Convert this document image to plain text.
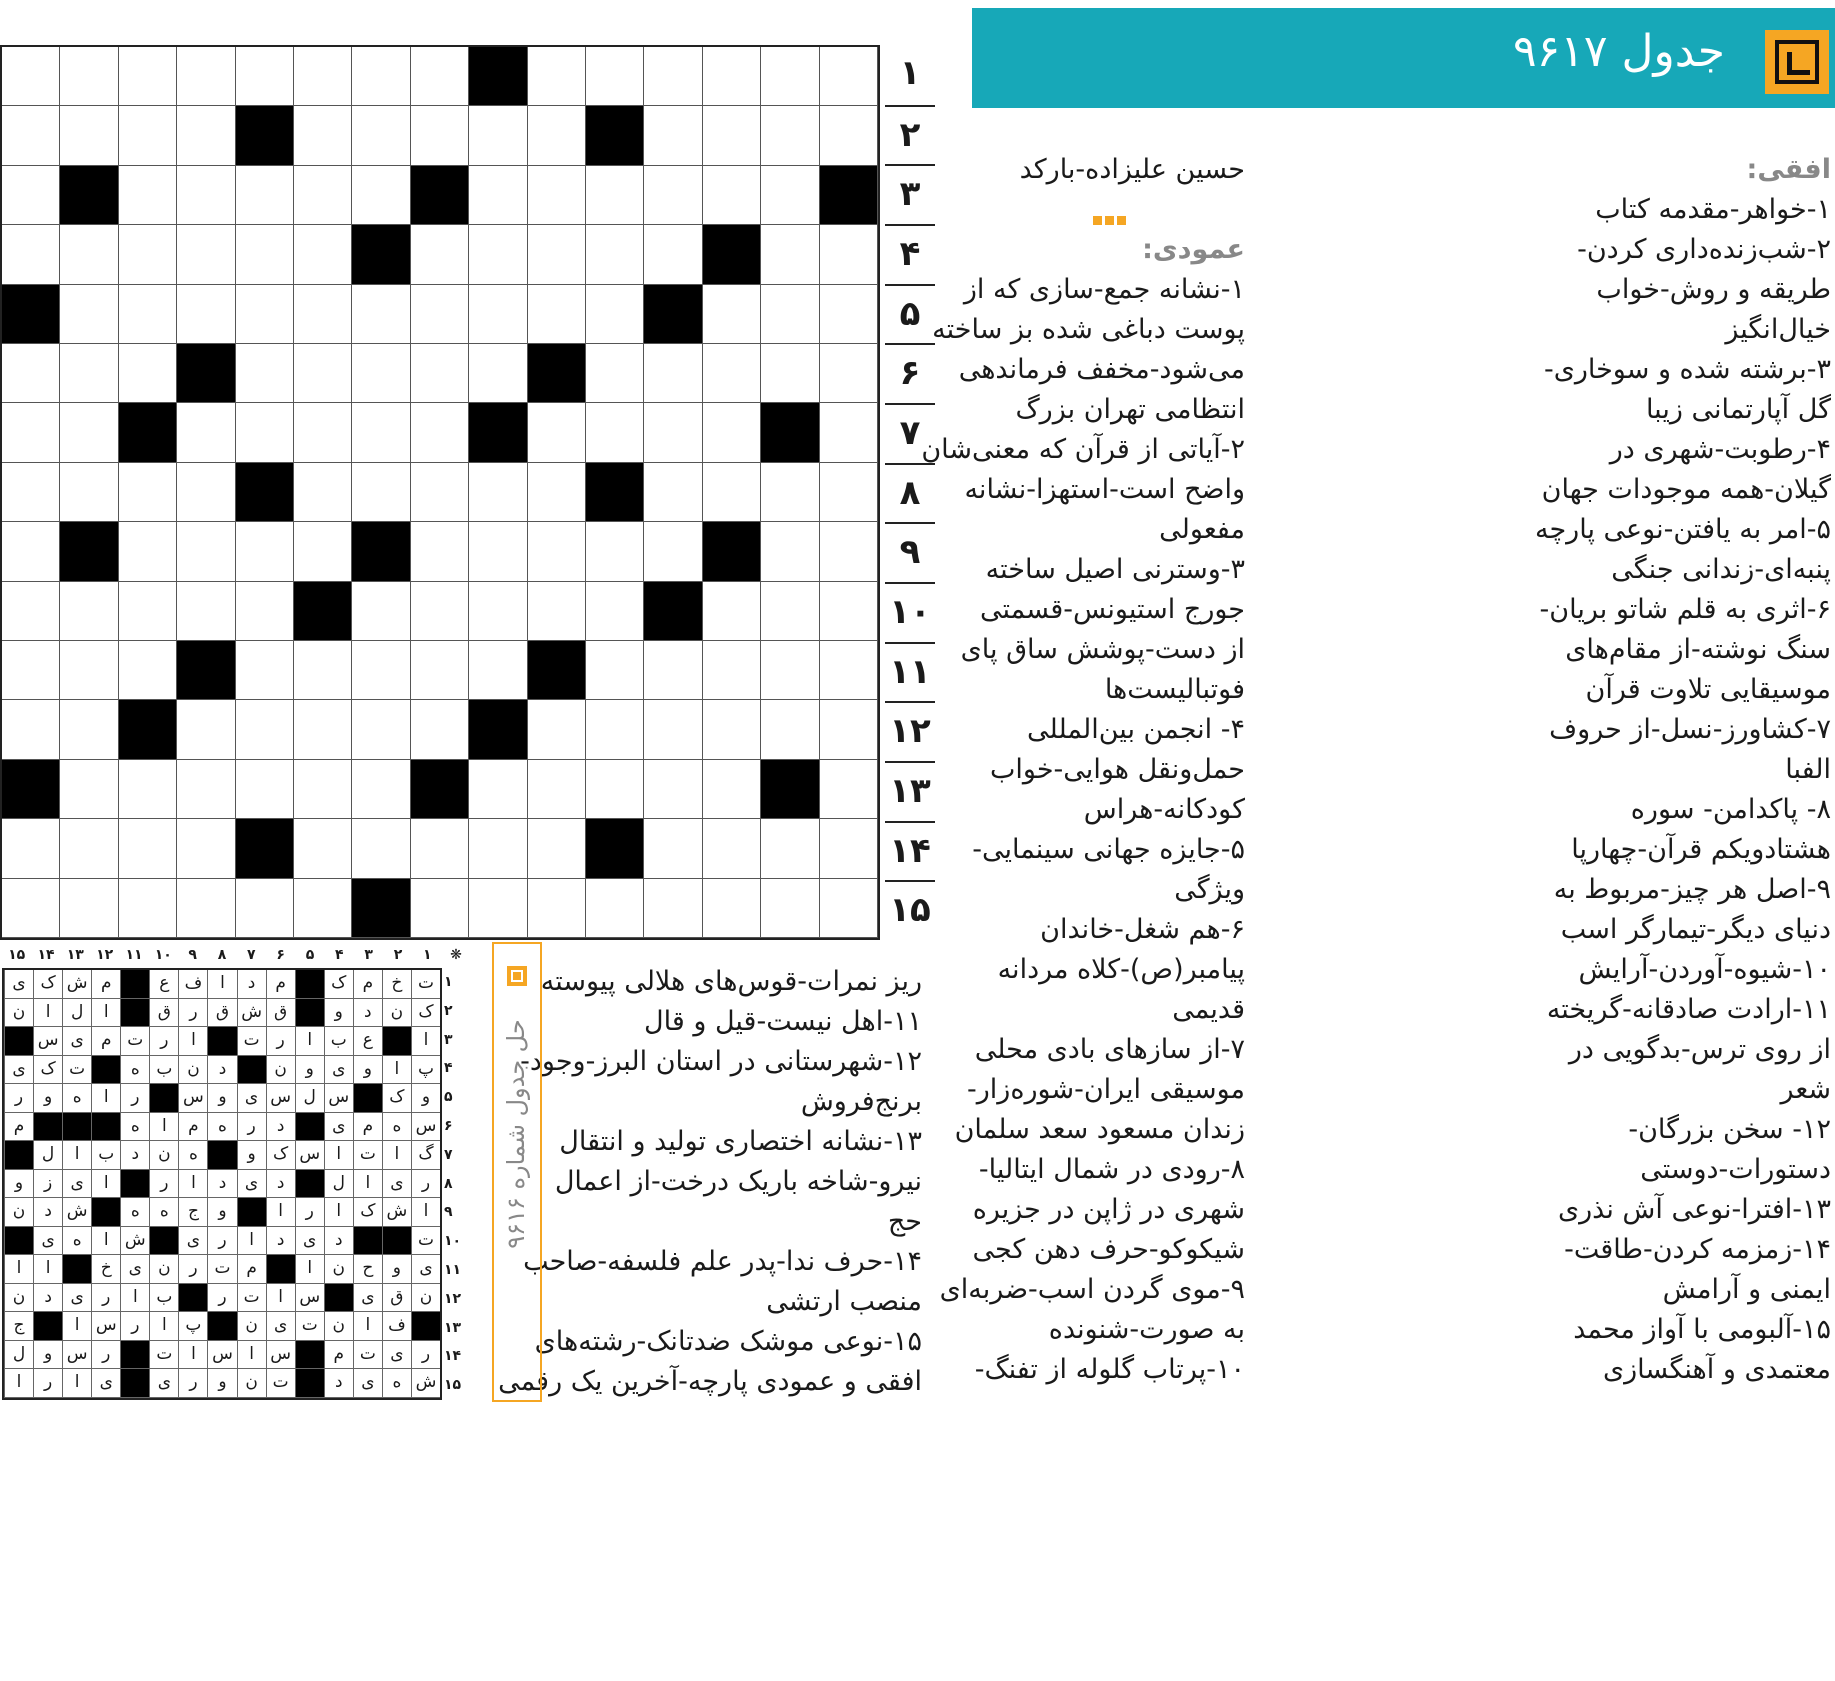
۱
۲
۳
۴
۵
۶
۷
۸
۹
۱۰
۱۱
۱۲
۱۳
۱۴
۱۵
جدول ۹۶۱۷
افقی:
۱-خواهر-مقدمه کتاب
۲-شب‌زنده‌داری کردن-
طریقه و روش-خواب
خیال‌انگیز
۳-برشته شده و سوخاری-
گل آپارتمانی زیبا
۴-رطوبت-شهری در
گیلان-همه موجودات جهان
۵-امر به یافتن-نوعی پارچه
پنبه‌ای-زندانی جنگی
۶-اثری به قلم شاتو بریان-
سنگ نوشته-از مقام‌های
موسیقایی تلاوت قرآن
۷-کشاورز-نسل-از حروف
الفبا
۸- پاکدامن- سوره
هشتادویکم قرآن-چهارپا
۹-اصل هر چیز-مربوط به
دنیای دیگر-تیمارگر اسب
۱۰-شیوه-آوردن-آرایش
۱۱-ارادت صادقانه-گریخته
از روی ترس-بدگویی در
شعر
۱۲- سخن بزرگان-
دستورات-دوستی
۱۳-افترا-نوعی آش نذری
۱۴-زمزمه کردن-طاقت-
ایمنی و آرامش
۱۵-آلبومی با آواز محمد
معتمدی و آهنگسازی
حسین علیزاده-بارکد
عمودی:
۱-نشانه جمع-سازی که از
پوست دباغی شده بز ساخته
می‌شود-مخفف فرماندهی
انتظامی تهران بزرگ
۲-آیاتی از قرآن که معنی‌شان
واضح است-استهزا-نشانه
مفعولی
۳-وسترنی اصیل ساخته
جورج استیونس-قسمتی
از دست-پوشش ساق پای
فوتبالیست‌ها
۴- انجمن بین‌المللی
حمل‌ونقل هوایی-خواب
کودکانه-هراس
۵-جایزه جهانی سینمایی-
ویژگی
۶-هم شغل-خاندان
پیامبر(ص)-کلاه مردانه
قدیمی
۷-از سازهای بادی محلی
موسیقی ایران-شوره‌زار-
زندان مسعود سعد سلمان
۸-رودی در شمال ایتالیا-
شهری در ژاپن در جزیره
شیکوکو-حرف دهن کجی
۹-موی گردن اسب-ضربه‌ای
به صورت-شنونده
۱۰-پرتاب گلوله از تفنگ-
ریز نمرات-قوس‌های هلالی پیوسته
۱۱-اهل نیست-قیل و قال
۱۲-شهرستانی در استان البرز-وجود-
برنج‌فروش
۱۳-نشانه اختصاری تولید و انتقال
نیرو-شاخه باریک درخت-از اعمال
حج
۱۴-حرف ندا-پدر علم فلسفه-صاحب
منصب ارتشی
۱۵-نوعی موشک ضدتانک-رشته‌های
افقی و عمودی پارچه-آخرین یک رقمی
حل جدول شماره ۹۶۱۶
۱
۲
۳
۴
۵
۶
۷
۸
۹
۱۰
۱۱
۱۲
۱۳
۱۴
۱۵	❋
ت
خ
م
ک
م
د
ا
ف
ع
م
ش
ک
ی
ک
ن
د
و
ق
ش
ق
ر
ق
ا
ل
ا
ن
ا
ع
ب
ا
ر
ت
ا
ر
ت
م
ی
س
پ
ا
و
ی
و
ن
د
ن
ب
ه
ت
ک
ی
و
ک
س
ل
س
ی
و
س
ر
ا
ه
و
ر
س
ه
م
ی
د
ر
ه
م
ا
ه
م
گ
ا
ت
ا
س
ک
و
ه
ن
د
ب
ا
ل
ر
ی
ا
ل
د
ی
د
ا
ر
ا
ی
ز
و
ا
ش
ک
ا
ر
ا
و
ج
ه
ه
ش
د
ن
ت
د
ی
د
ا
ر
ی
ش
ا
ه
ی
ی
و
ح
ن
ا
م
ت
ر
ن
ی
خ
ا
ا
ن
ق
ی
س
ا
ت
ر
ب
ا
ر
ی
د
ن
ف
ا
ن
ت
ی
ن
پ
ا
ر
س
ا
ج
ر
ی
ت
م
س
ا
س
ا
ت
ر
س
و
ل
ش
ه
ی
د
ت
ن
و
ر
ی
ی
ا
ر
ا
۱
۲
۳
۴
۵
۶
۷
۸
۹
۱۰
۱۱
۱۲
۱۳
۱۴
۱۵
